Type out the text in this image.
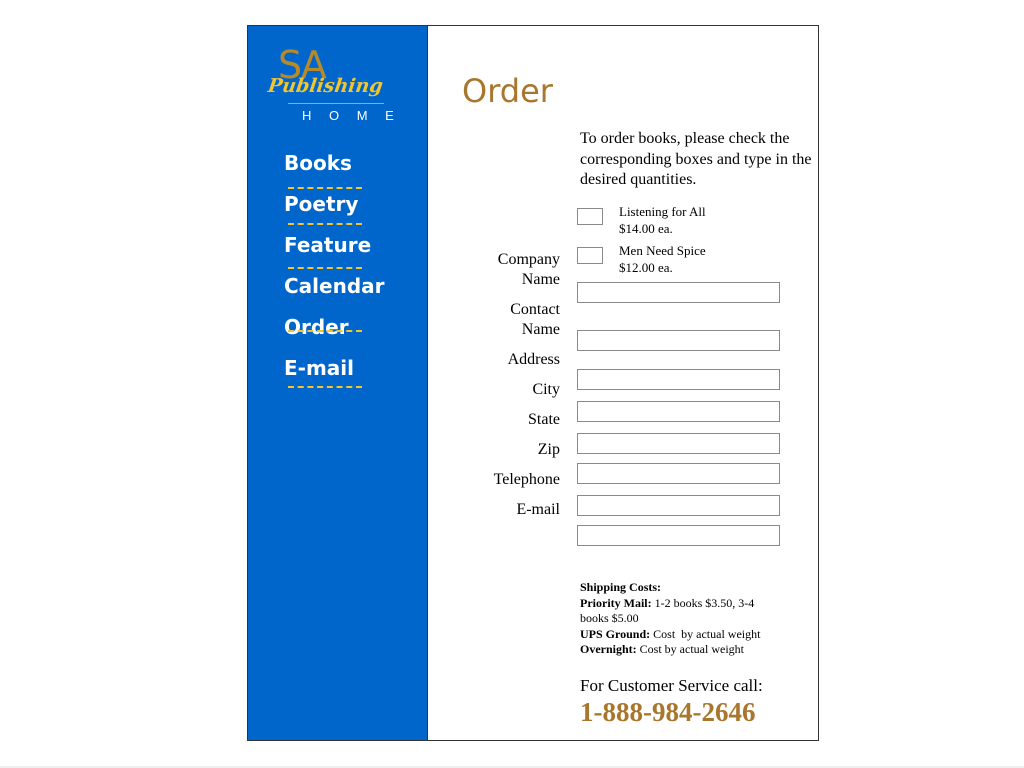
SA
Publishing
H O M E
Books
Poetry
Feature
Calendar
Order
E-mail
Order

To order books, please check the corresponding boxes and type in the desired quantities.

Listening for All
$14.00 ea.
Men Need Spice
$12.00 ea.
Company Name
Contact Name
Address
City
State
Zip
Telephone
E-mail
Shipping Costs:
Priority Mail: 1-2 books $3.50, 3-4 books $5.00
UPS Ground: Cost  by actual weight
Overnight: Cost by actual weight
For Customer Service call:
1-888-984-2646
